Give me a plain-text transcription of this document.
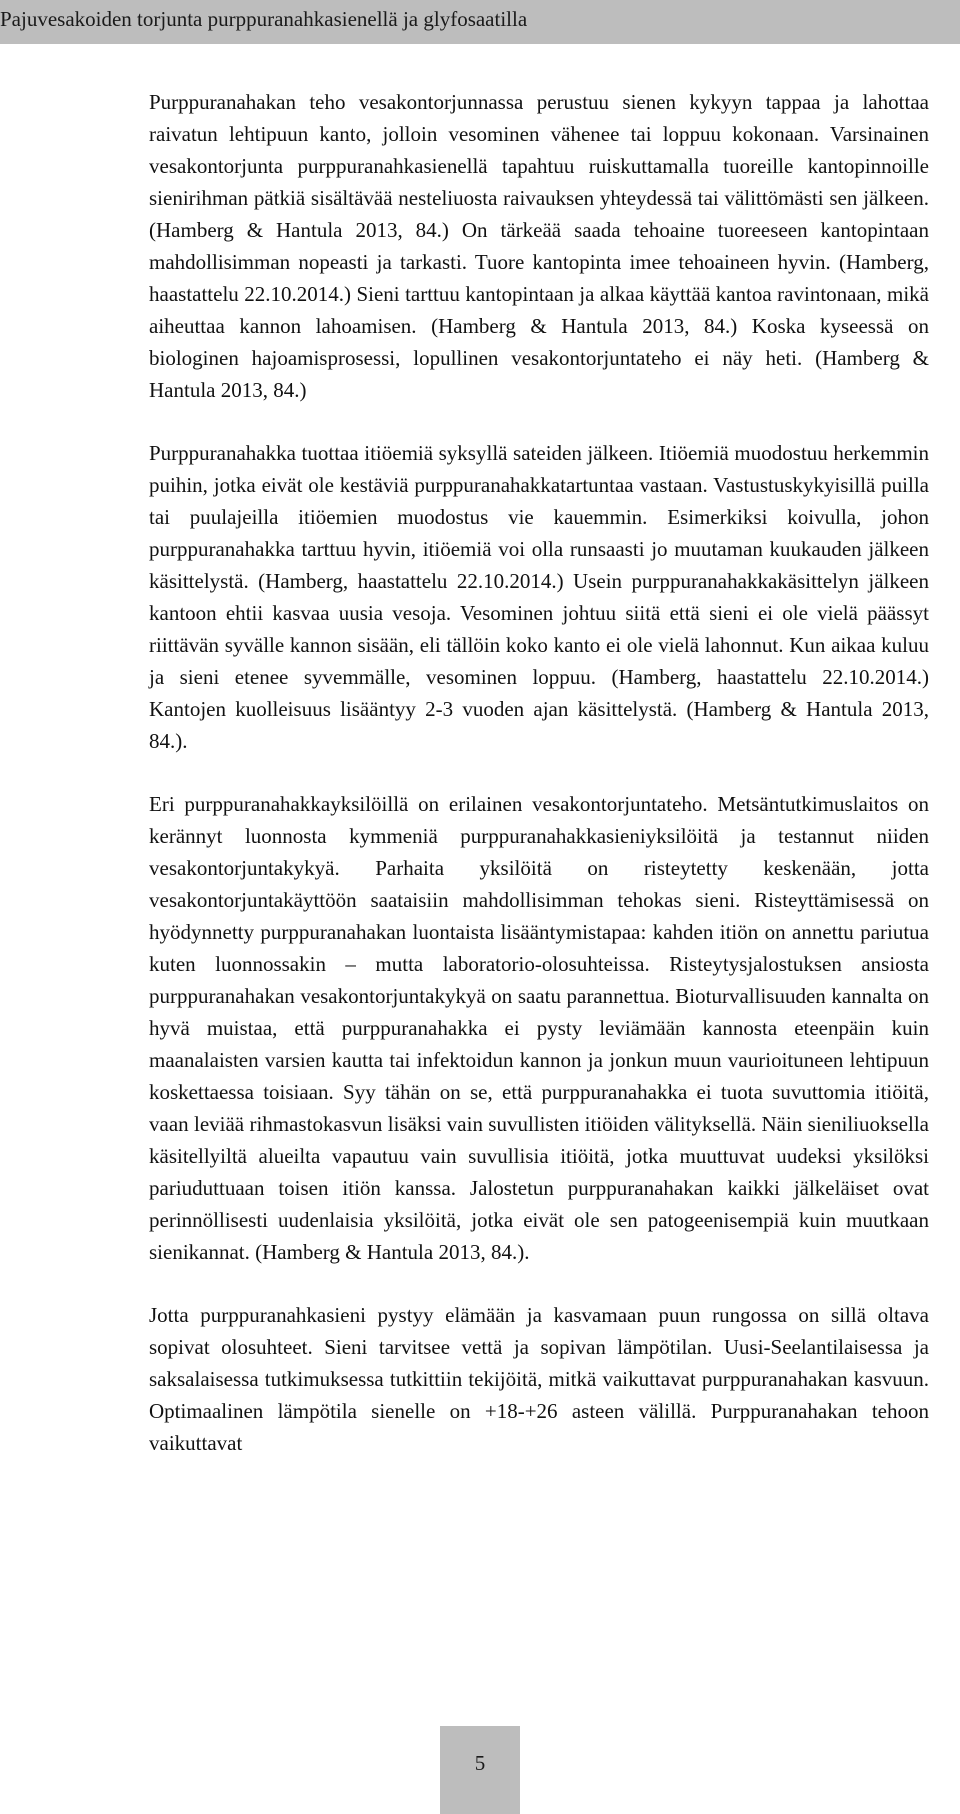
Pajuvesakoiden torjunta purppuranahkasienellä ja glyfosaatilla

Purppuranahakan teho vesakontorjunnassa perustuu sienen kykyyn tappaa ja lahottaa raivatun lehtipuun kanto, jolloin vesominen vähenee tai loppuu kokonaan. Varsinainen vesakontorjunta purppuranahkasienellä tapahtuu ruiskuttamalla tuoreille kantopinnoille sienirihman pätkiä sisältävää nesteliuosta raivauksen yhteydessä tai välittömästi sen jälkeen. (Hamberg & Hantula 2013, 84.) On tärkeää saada tehoaine tuoreeseen kantopintaan mahdollisimman nopeasti ja tarkasti. Tuore kantopinta imee tehoaineen hyvin. (Hamberg, haastattelu 22.10.2014.) Sieni tarttuu kantopintaan ja alkaa käyttää kantoa ravintonaan, mikä aiheuttaa kannon lahoamisen. (Hamberg & Hantula 2013, 84.) Koska kyseessä on biologinen hajoamisprosessi, lopullinen vesakontorjuntateho ei näy heti. (Hamberg & Hantula 2013, 84.)

Purppuranahakka tuottaa itiöemiä syksyllä sateiden jälkeen. Itiöemiä muodostuu herkemmin puihin, jotka eivät ole kestäviä purppuranahakkatartuntaa vastaan. Vastustuskykyisillä puilla tai puulajeilla itiöemien muodostus vie kauemmin. Esimerkiksi koivulla, johon purppuranahakka tarttuu hyvin, itiöemiä voi olla runsaasti jo muutaman kuukauden jälkeen käsittelystä. (Hamberg, haastattelu 22.10.2014.) Usein purppuranahakkakäsittelyn jälkeen kantoon ehtii kasvaa uusia vesoja. Vesominen johtuu siitä että sieni ei ole vielä päässyt riittävän syvälle kannon sisään, eli tällöin koko kanto ei ole vielä lahonnut. Kun aikaa kuluu ja sieni etenee syvemmälle, vesominen loppuu. (Hamberg, haastattelu 22.10.2014.) Kantojen kuolleisuus lisääntyy 2-3 vuoden ajan käsittelystä. (Hamberg & Hantula 2013, 84.).

Eri purppuranahakkayksilöillä on erilainen vesakontorjuntateho. Metsäntutkimuslaitos on kerännyt luonnosta kymmeniä purppuranahakkasieniyksilöitä ja testannut niiden vesakontorjuntakykyä. Parhaita yksilöitä on risteytetty keskenään, jotta vesakontorjuntakäyttöön saataisiin mahdollisimman tehokas sieni. Risteyttämisessä on hyödynnetty purppuranahakan luontaista lisääntymistapaa: kahden itiön on annettu pariutua kuten luonnossakin – mutta laboratorio-olosuhteissa. Risteytysjalostuksen ansiosta purppuranahakan vesakontorjuntakykyä on saatu parannettua. Bioturvallisuuden kannalta on hyvä muistaa, että purppuranahakka ei pysty leviämään kannosta eteenpäin kuin maanalaisten varsien kautta tai infektoidun kannon ja jonkun muun vaurioituneen lehtipuun koskettaessa toisiaan. Syy tähän on se, että purppuranahakka ei tuota suvuttomia itiöitä, vaan leviää rihmastokasvun lisäksi vain suvullisten itiöiden välityksellä. Näin sieniliuoksella käsitellyiltä alueilta vapautuu vain suvullisia itiöitä, jotka muuttuvat uudeksi yksilöksi pariuduttuaan toisen itiön kanssa. Jalostetun purppuranahakan kaikki jälkeläiset ovat perinnöllisesti uudenlaisia yksilöitä, jotka eivät ole sen patogeenisempiä kuin muutkaan sienikannat. (Hamberg & Hantula 2013, 84.).

Jotta purppuranahkasieni pystyy elämään ja kasvamaan puun rungossa on sillä oltava sopivat olosuhteet. Sieni tarvitsee vettä ja sopivan lämpötilan. Uusi-Seelantilaisessa ja saksalaisessa tutkimuksessa tutkittiin tekijöitä, mitkä vaikuttavat purppuranahakan kasvuun. Optimaalinen lämpötila sienelle on +18-+26 asteen välillä. Purppuranahakan tehoon vaikuttavat

5
